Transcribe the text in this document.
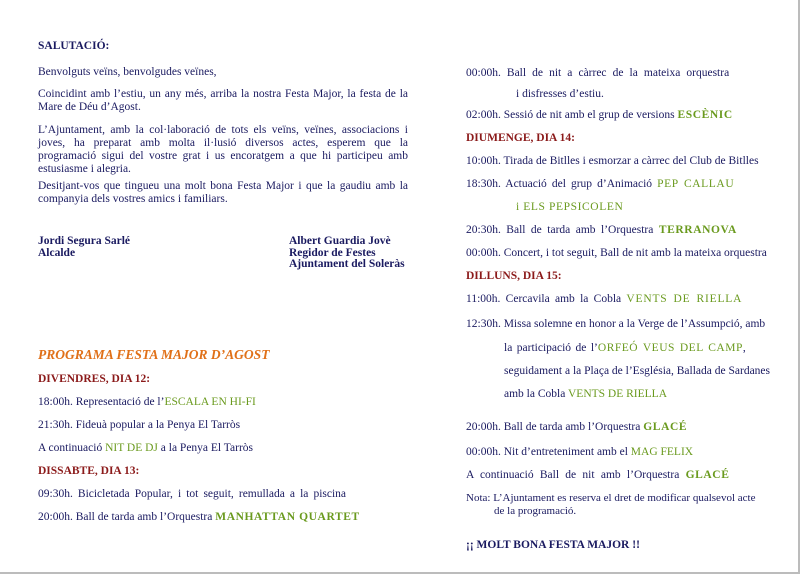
SALUTACIÓ:
Benvolguts veïns, benvolgudes veïnes,
Coincidint amb l’estiu, un any més, arriba la nostra Festa Major, la festa de la Mare de Déu d’Agost.
L’Ajuntament, amb la col·laboració de tots els veïns, veïnes, associacions i joves, ha preparat amb molta il·lusió diversos actes, esperem que la programació sigui del vostre grat i us encoratgem a que hi participeu amb estusiasme i alegria.
Desitjant-vos que tingueu una molt bona Festa Major i que la gaudiu amb la companyia dels vostres amics i familiars.
Jordi Segura Sarlé
Alcalde
Albert Guardia Jovè
Regidor de Festes
Ajuntament del Soleràs
PROGRAMA FESTA MAJOR D’AGOST
DIVENDRES, DIA 12:
18:00h. Representació de l’ESCALA EN HI-FI
21:30h. Fideuà popular a la Penya El Tarròs
A continuació NIT DE DJ a la Penya El Tarròs
DISSABTE, DIA 13:
09:30h. Bicicletada Popular, i tot seguit, remullada a la piscina
20:00h. Ball de tarda amb l’Orquestra MANHATTAN QUARTET
00:00h. Ball de nit a càrrec de la mateixa orquestra
i disfresses d’estiu.
02:00h. Sessió de nit amb el grup de versions ESCÈNIC
DIUMENGE, DIA 14:
10:00h. Tirada de Bitlles i esmorzar a càrrec del Club de Bitlles
18:30h. Actuació del grup d’Animació PEP CALLAU
i ELS PEPSICOLEN
20:30h. Ball de tarda amb l’Orquestra TERRANOVA
00:00h. Concert, i tot seguit, Ball de nit amb la mateixa orquestra
DILLUNS, DIA 15:
11:00h. Cercavila amb la Cobla VENTS DE RIELLA
12:30h. Missa solemne en honor a la Verge de l’Assumpció, amb
la participació de l’ORFEÓ VEUS DEL CAMP,
seguidament a la Plaça de l’Església, Ballada de Sardanes
amb la Cobla VENTS DE RIELLA
20:00h. Ball de tarda amb l’Orquestra GLACÉ
00:00h. Nit d’entreteniment amb el MAG FELIX
A continuació Ball de nit amb l’Orquestra GLACÉ
Nota: L’Ajuntament es reserva el dret de modificar qualsevol acte
de la programació.
¡¡ MOLT BONA FESTA MAJOR !!
